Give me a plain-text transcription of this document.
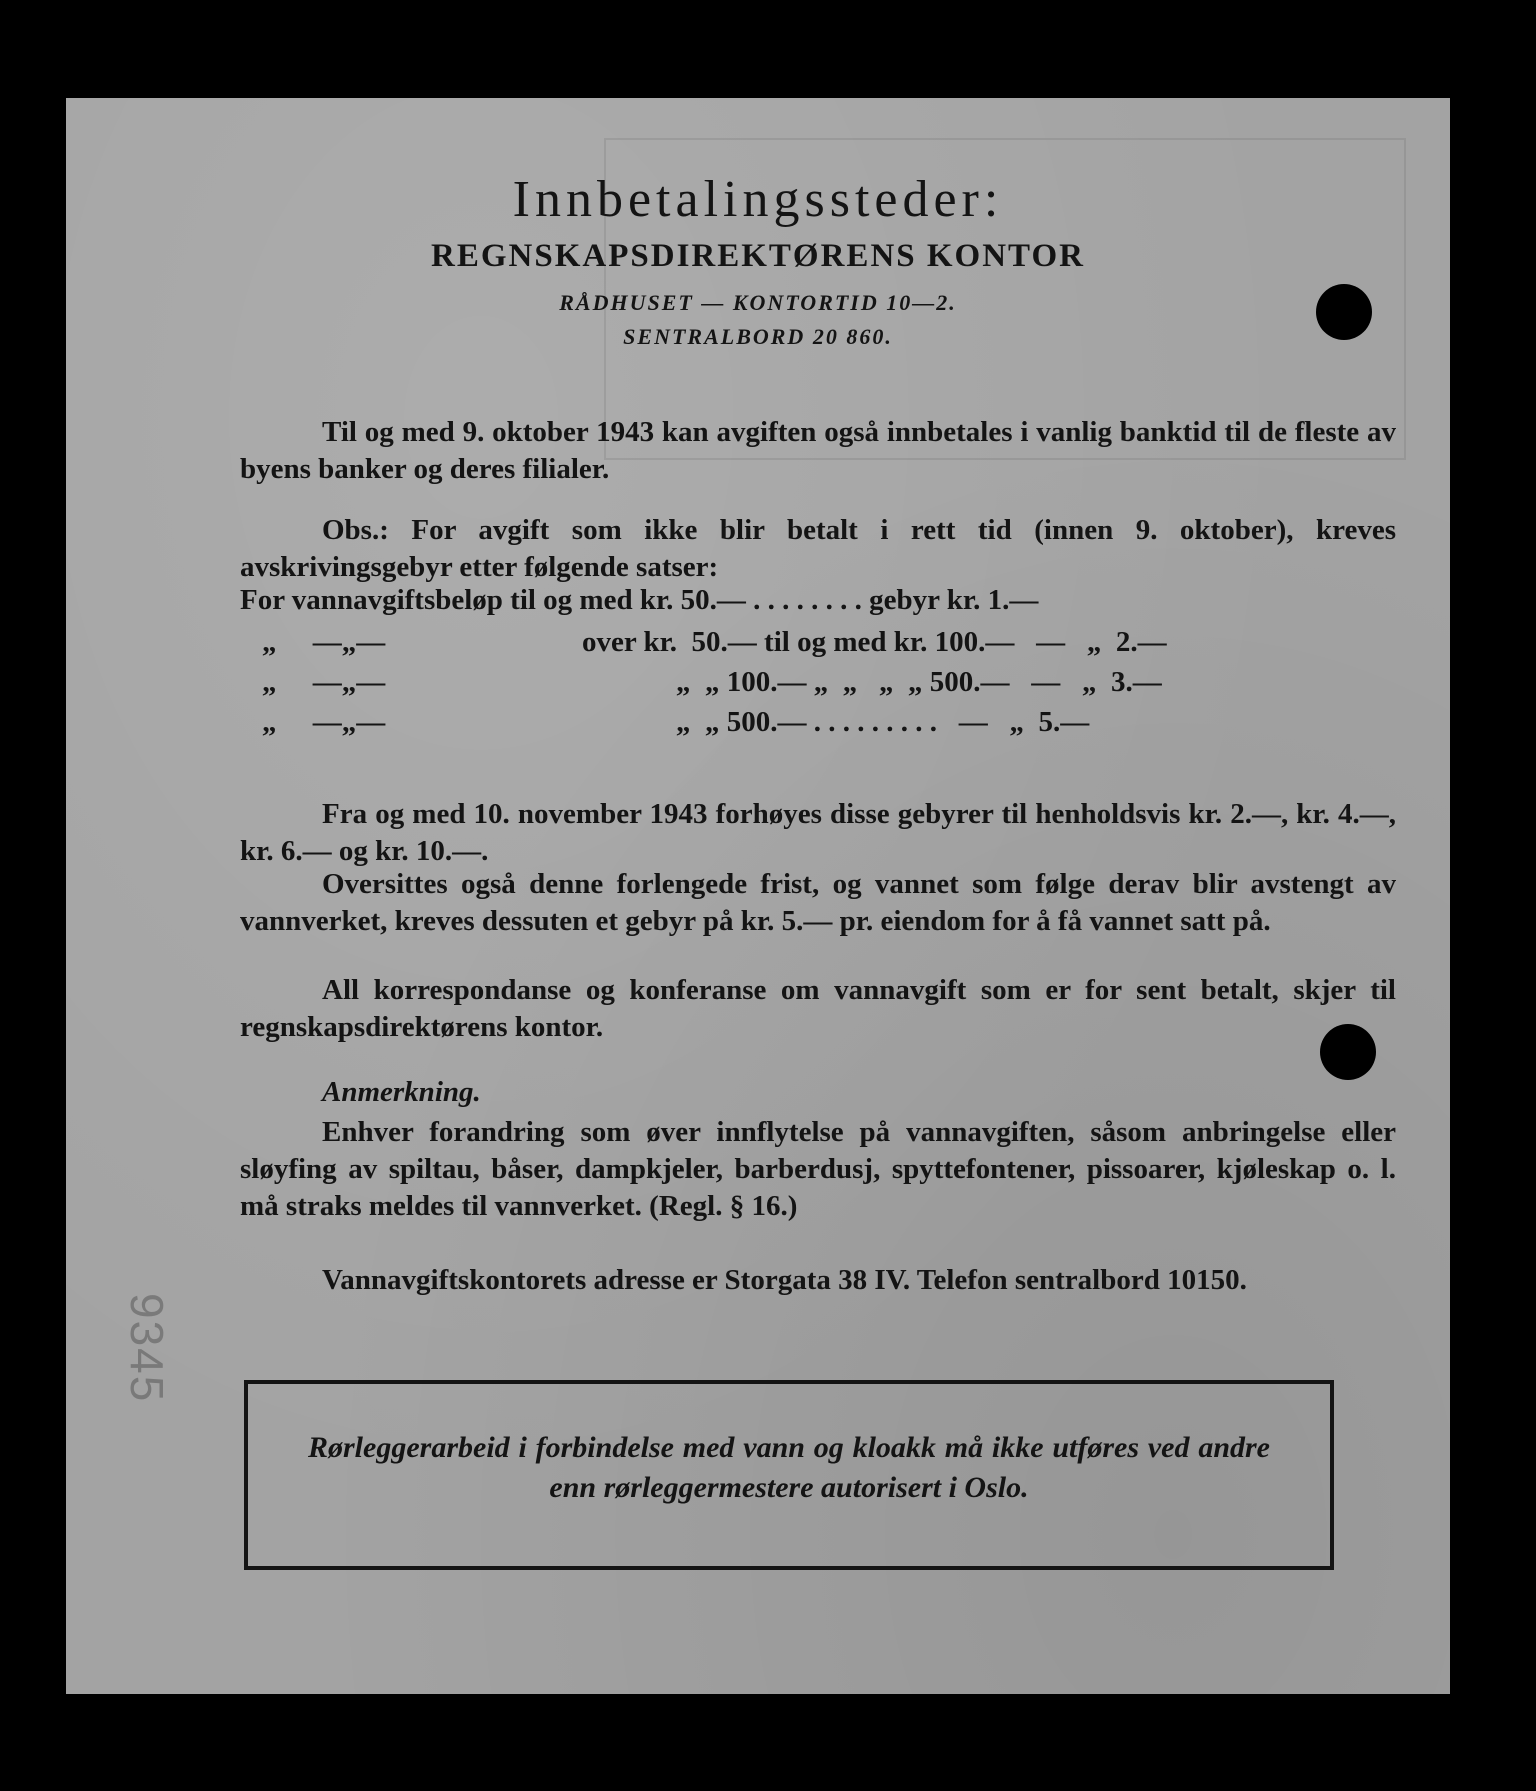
9345
Innbetalingssteder:
REGNSKAPSDIREKTØRENS KONTOR
RÅDHUSET — KONTORTID 10—2.
SENTRALBORD 20 860.

Til og med 9. oktober 1943 kan avgiften også innbetales i vanlig banktid til de fleste av byens banker og deres filialer.

Obs.: For avgift som ikke blir betalt i rett tid (innen 9. oktober), kreves avskrivingsgebyr etter følgende satser:

For vannavgiftsbeløp til og med kr. 50.— . . . . . . . . gebyr kr. 1.—
„     —„—	over kr.  50.— til og med kr. 100.—   —   „  2.—
„     —„—	„  „ 100.— „  „   „  „ 500.—   —   „  3.—
„     —„—	„  „ 500.— . . . . . . . . .   —   „  5.—

Fra og med 10. november 1943 forhøyes disse gebyrer til henholdsvis kr. 2.—, kr. 4.—, kr. 6.— og kr. 10.—.

Oversittes også denne forlengede frist, og vannet som følge derav blir avstengt av vannverket, kreves dessuten et gebyr på kr. 5.— pr. eiendom for å få vannet satt på.

All korrespondanse og konferanse om vannavgift som er for sent betalt, skjer til regnskapsdirektørens kontor.

Anmerkning.

Enhver forandring som øver innflytelse på vannavgiften, såsom anbringelse eller sløyfing av spiltau, båser, dampkjeler, barberdusj, spyttefontener, pissoarer, kjøleskap o. l. må straks meldes til vannverket. (Regl. § 16.)

Vannavgiftskontorets adresse er Storgata 38 IV. Telefon sentralbord 10150.

Rørleggerarbeid i forbindelse med vann og kloakk må ikke utføres ved andre enn rørleggermestere autorisert i Oslo.
